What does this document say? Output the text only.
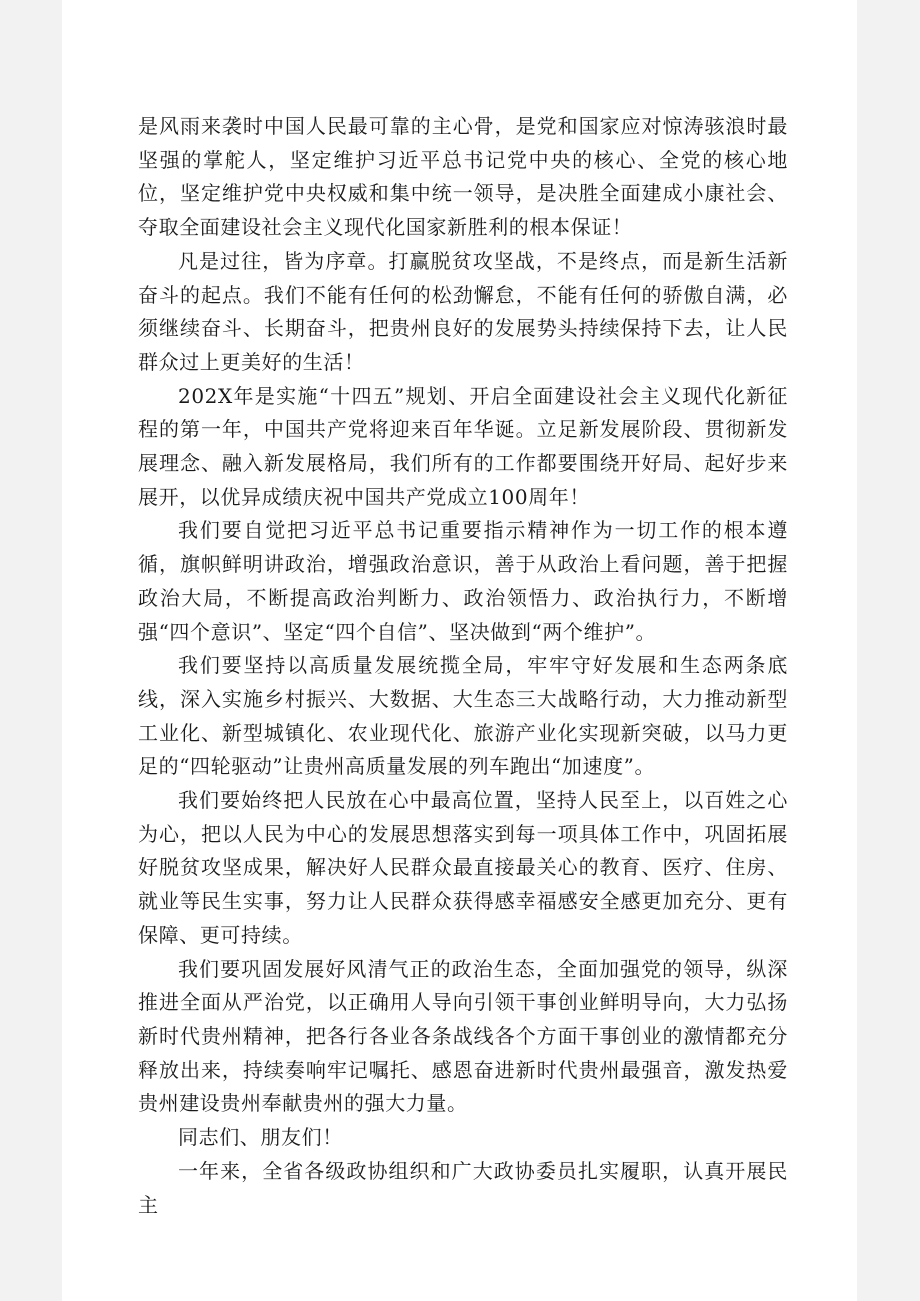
是风雨来袭时中国人民最可靠的主心骨，是党和国家应对惊涛骇浪时最坚强的掌舵人，坚定维护习近平总书记党中央的核心、全党的核心地位，坚定维护党中央权威和集中统一领导，是决胜全面建成小康社会、夺取全面建设社会主义现代化国家新胜利的根本保证！

凡是过往，皆为序章。打赢脱贫攻坚战，不是终点，而是新生活新奋斗的起点。我们不能有任何的松劲懈怠，不能有任何的骄傲自满，必须继续奋斗、长期奋斗，把贵州良好的发展势头持续保持下去，让人民群众过上更美好的生活！

202X年是实施“十四五”规划、开启全面建设社会主义现代化新征程的第一年，中国共产党将迎来百年华诞。立足新发展阶段、贯彻新发展理念、融入新发展格局，我们所有的工作都要围绕开好局、起好步来展开，以优异成绩庆祝中国共产党成立100周年！

我们要自觉把习近平总书记重要指示精神作为一切工作的根本遵循，旗帜鲜明讲政治，增强政治意识，善于从政治上看问题，善于把握政治大局，不断提高政治判断力、政治领悟力、政治执行力，不断增强“四个意识”、坚定“四个自信”、坚决做到“两个维护”。

我们要坚持以高质量发展统揽全局，牢牢守好发展和生态两条底线，深入实施乡村振兴、大数据、大生态三大战略行动，大力推动新型工业化、新型城镇化、农业现代化、旅游产业化实现新突破，以马力更足的“四轮驱动”让贵州高质量发展的列车跑出“加速度”。

我们要始终把人民放在心中最高位置，坚持人民至上，以百姓之心为心，把以人民为中心的发展思想落实到每一项具体工作中，巩固拓展好脱贫攻坚成果，解决好人民群众最直接最关心的教育、医疗、住房、就业等民生实事，努力让人民群众获得感幸福感安全感更加充分、更有保障、更可持续。

我们要巩固发展好风清气正的政治生态，全面加强党的领导，纵深推进全面从严治党，以正确用人导向引领干事创业鲜明导向，大力弘扬新时代贵州精神，把各行各业各条战线各个方面干事创业的激情都充分释放出来，持续奏响牢记嘱托、感恩奋进新时代贵州最强音，激发热爱贵州建设贵州奉献贵州的强大力量。

同志们、朋友们！

一年来，全省各级政协组织和广大政协委员扎实履职，认真开展民主
